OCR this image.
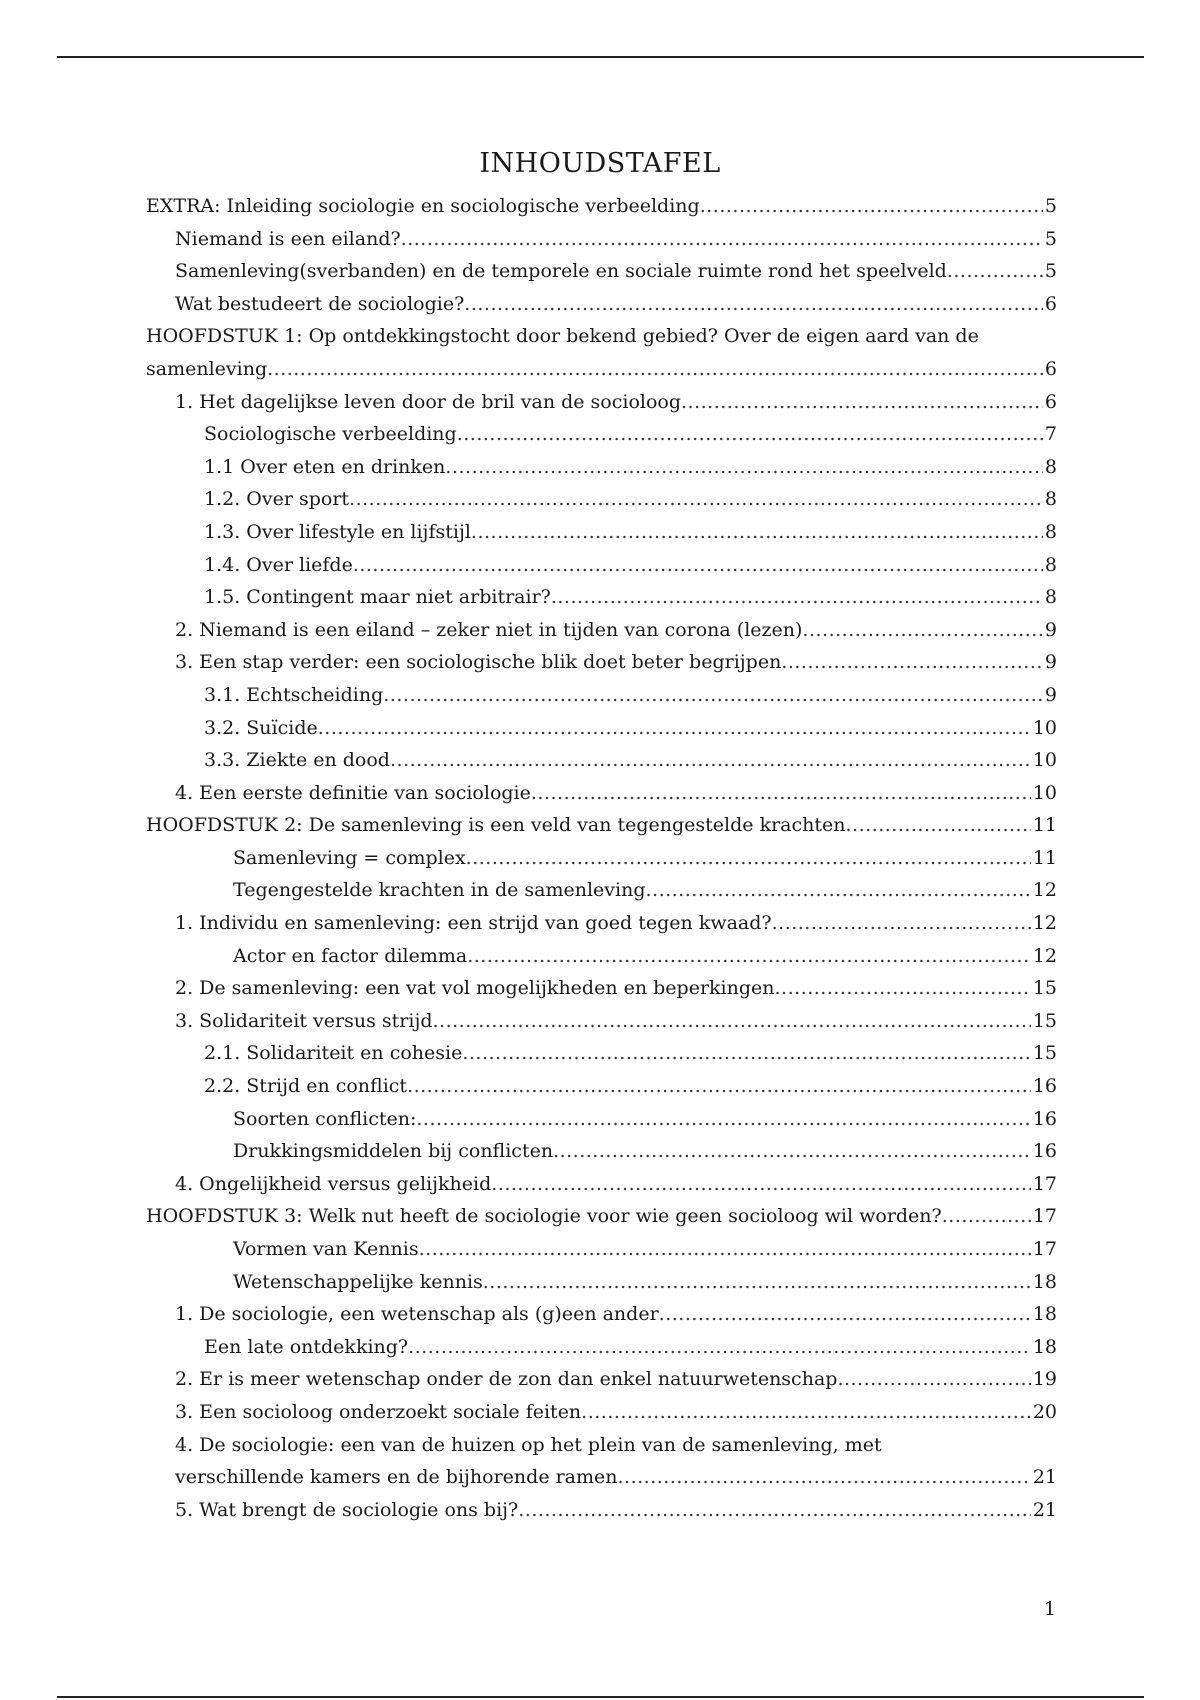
INHOUDSTAFEL
EXTRA: Inleiding sociologie en sociologische verbeelding .....	5
Niemand is een eiland? .....	5
Samenleving(sverbanden) en de temporele en sociale ruimte rond het speelveld .....	5
Wat bestudeert de sociologie? .....	6
HOOFDSTUK 1: Op ontdekkingstocht door bekend gebied? Over de eigen aard van de
samenleving .....	6
1. Het dagelijkse leven door de bril van de socioloog .....	6
Sociologische verbeelding .....	7
1.1 Over eten en drinken .....	8
1.2. Over sport .....	8
1.3. Over lifestyle en lijfstijl .....	8
1.4. Over liefde .....	8
1.5. Contingent maar niet arbitrair? .....	8
2. Niemand is een eiland – zeker niet in tijden van corona (lezen) .....	9
3. Een stap verder: een sociologische blik doet beter begrijpen .....	9
3.1. Echtscheiding .....	9
3.2. Suïcide .....	10
3.3. Ziekte en dood .....	10
4. Een eerste definitie van sociologie .....	10
HOOFDSTUK 2: De samenleving is een veld van tegengestelde krachten .....	11
Samenleving = complex .....	11
Tegengestelde krachten in de samenleving .....	12
1. Individu en samenleving: een strijd van goed tegen kwaad? .....	12
Actor en factor dilemma .....	12
2. De samenleving: een vat vol mogelijkheden en beperkingen .....	15
3. Solidariteit versus strijd .....	15
2.1. Solidariteit en cohesie .....	15
2.2. Strijd en conflict .....	16
Soorten conflicten: .....	16
Drukkingsmiddelen bij conflicten .....	16
4. Ongelijkheid versus gelijkheid .....	17
HOOFDSTUK 3: Welk nut heeft de sociologie voor wie geen socioloog wil worden? .....	17
Vormen van Kennis .....	17
Wetenschappelijke kennis .....	18
1. De sociologie, een wetenschap als (g)een ander .....	18
Een late ontdekking? .....	18
2. Er is meer wetenschap onder de zon dan enkel natuurwetenschap .....	19
3. Een socioloog onderzoekt sociale feiten .....	20
4. De sociologie: een van de huizen op het plein van de samenleving, met
verschillende kamers en de bijhorende ramen .....	21
5. Wat brengt de sociologie ons bij? .....	21
1
